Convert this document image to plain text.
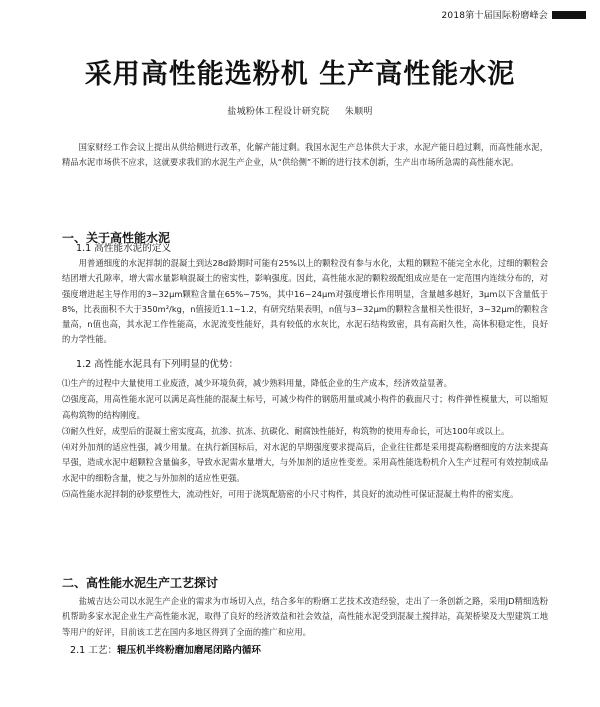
2018第十届国际粉磨峰会
采用高性能选粉机 生产高性能水泥
盐城粉体工程设计研究院 朱顺明
国家财经工作会议上提出从供给侧进行改革，化解产能过剩。我国水泥生产总体供大于求，水泥产能日趋过剩，而高性能水泥，精品水泥市场供不应求，这就要求我们的水泥生产企业，从“供给侧”不断的进行技术创新，生产出市场所急需的高性能水泥。
一、关于高性能水泥
1.1 高性能水泥的定义
用普通细度的水泥拌制的混凝土到达28d龄期时可能有25%以上的颗粒没有参与水化，太粗的颗粒不能完全水化，过细的颗粒会结团增大孔隙率，增大需水量影响混凝土的密实性，影响强度。因此，高性能水泥的颗粒级配组成应是在一定范围内连续分布的，对强度增进起主导作用的3~32μm颗粒含量在65%~75%，其中16~24μm对强度增长作用明显，含量越多越好，3μm以下含量低于8%，比表面积不大于350m²/kg，n值接近1.1~1.2，有研究结果表明，n值与3~32μm的颗粒含量相关性很好，3~32μm的颗粒含量高，n值也高，其水泥工作性能高，水泥流变性能好，具有较低的水灰比，水泥石结构致密，具有高耐久性，高体积稳定性，良好的力学性能。
1.2 高性能水泥具有下列明显的优势：

⑴生产的过程中大量使用工业废渣，减少环境负荷，减少熟料用量，降低企业的生产成本，经济效益显著。

⑵强度高，用高性能水泥可以满足高性能的混凝土标号，可减少构件的钢筋用量或减小构件的截面尺寸；构件弹性模量大，可以缩短高构筑物的结构刚度。

⑶耐久性好，成型后的混凝土密实度高，抗渗、抗冻、抗碳化、耐腐蚀性能好，构筑物的使用寿命长，可达100年或以上。

⑷对外加剂的适应性强，减少用量。在执行新国标后，对水泥的早期强度要求提高后，企业往往都是采用提高粉磨细度的方法来提高早强，造成水泥中超颗粒含量偏多，导致水泥需水量增大，与外加剂的适应性变差。采用高性能选粉机介入生产过程可有效控制成品水泥中的细粉含量，使之与外加剂的适应性更强。

⑸高性能水泥拌制的砂浆塑性大，流动性好，可用于浇筑配筋密的小尺寸构件，其良好的流动性可保证混凝土构件的密实度。

二、高性能水泥生产工艺探讨
盐城吉达公司以水泥生产企业的需求为市场切入点，结合多年的粉磨工艺技术改造经验，走出了一条创新之路，采用JD精细选粉机帮助多家水泥企业生产高性能水泥，取得了良好的经济效益和社会效益，高性能水泥受到混凝土搅拌站，高架桥梁及大型建筑工地等用户的好评，目前该工艺在国内多地区得到了全面的推广和应用。
2.1 工艺：辊压机半终粉磨加磨尾闭路内循环
